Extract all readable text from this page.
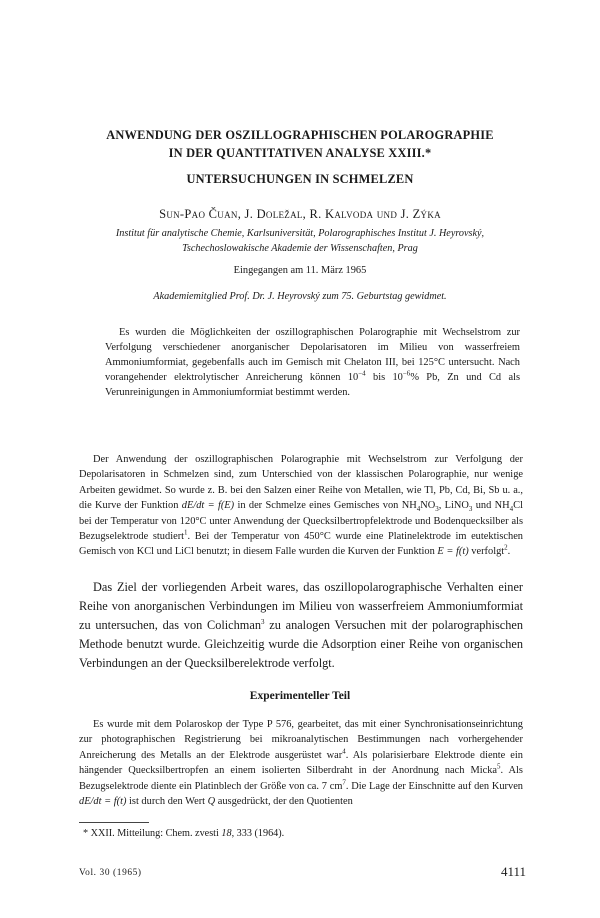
ANWENDUNG DER OSZILLOGRAPHISCHEN POLAROGRAPHIE
IN DER QUANTITATIVEN ANALYSE XXIII.*
UNTERSUCHUNGEN IN SCHMELZEN
Sun-Pao Čuan, J. Doležal, R. Kalvoda und J. Zýka
Institut für analytische Chemie, Karlsuniversität, Polarographisches Institut J. Heyrovský,
Tschechoslowakische Akademie der Wissenschaften, Prag
Eingegangen am 11. März 1965
Akademiemitglied Prof. Dr. J. Heyrovský zum 75. Geburtstag gewidmet.

Es wurden die Möglichkeiten der oszillographischen Polarographie mit Wechselstrom zur Verfolgung verschiedener anorganischer Depolarisatoren im Milieu von wasserfreiem Ammoniumformiat, gegebenfalls auch im Gemisch mit Chelaton III, bei 125°C untersucht. Nach vorangehender elektrolytischer Anreicherung können $10^{-4}$ bis $10^{-6}\%$ Pb, Zn und Cd als Verunreinigungen in Ammoniumformiat bestimmt werden.

Der Anwendung der oszillographischen Polarographie mit Wechselstrom zur Verfolgung der Depolarisatoren in Schmelzen sind, zum Unterschied von der klassischen Polarographie, nur wenige Arbeiten gewidmet. So wurde z. B. bei den Salzen einer Reihe von Metallen, wie Tl, Pb, Cd, Bi, Sb u. a., die Kurve der Funktion dE/dt = f(E) in der Schmelze eines Gemisches von $NH_4NO_3$, LiNO$_3$ und $NH_4Cl$ bei der Temperatur von 120°C unter Anwendung der Quecksilbertropfelektrode und Bodenquecksilber als Bezugselektrode studiert$^1$. Bei der Temperatur von 450°C wurde eine Platinelektrode im eutektischen Gemisch von KCl und LiCl benutzt; in diesem Falle wurden die Kurven der Funktion E = f(t) verfolgt$^2$.

Das Ziel der vorliegenden Arbeit wares, das oszillopolarographische Verhalten einer Reihe von anorganischen Verbindungen im Milieu von wasserfreiem Ammoniumformiat zu untersuchen, das von Colichman$^3$ zu analogen Versuchen mit der polarographischen Methode benutzt wurde. Gleichzeitig wurde die Adsorption einer Reihe von organischen Verbindungen an der Quecksilberelektrode verfolgt.

Experimenteller Teil

Es wurde mit dem Polaroskop der Type P 576, gearbeitet, das mit einer Synchronisationseinrichtung zur photographischen Registrierung bei mikroanalytischen Bestimmungen nach vorhergehender Anreicherung des Metalls an der Elektrode ausgerüstet war$^4$. Als polarisierbare Elektrode diente ein hängender Quecksilbertropfen an einem isolierten Silberdraht in der Anordnung nach Micka$^5$. Als Bezugselektrode diente ein Platinblech der Größe von ca. 7 $cm^7$. Die Lage der Einschnitte auf den Kurven dE/dt = f(t) ist durch den Wert Q ausgedrückt, der den Quotienten

* XXII. Mitteilung: Chem. zvesti 18, 333 (1964).
Vol. 30 (1965)	4111
